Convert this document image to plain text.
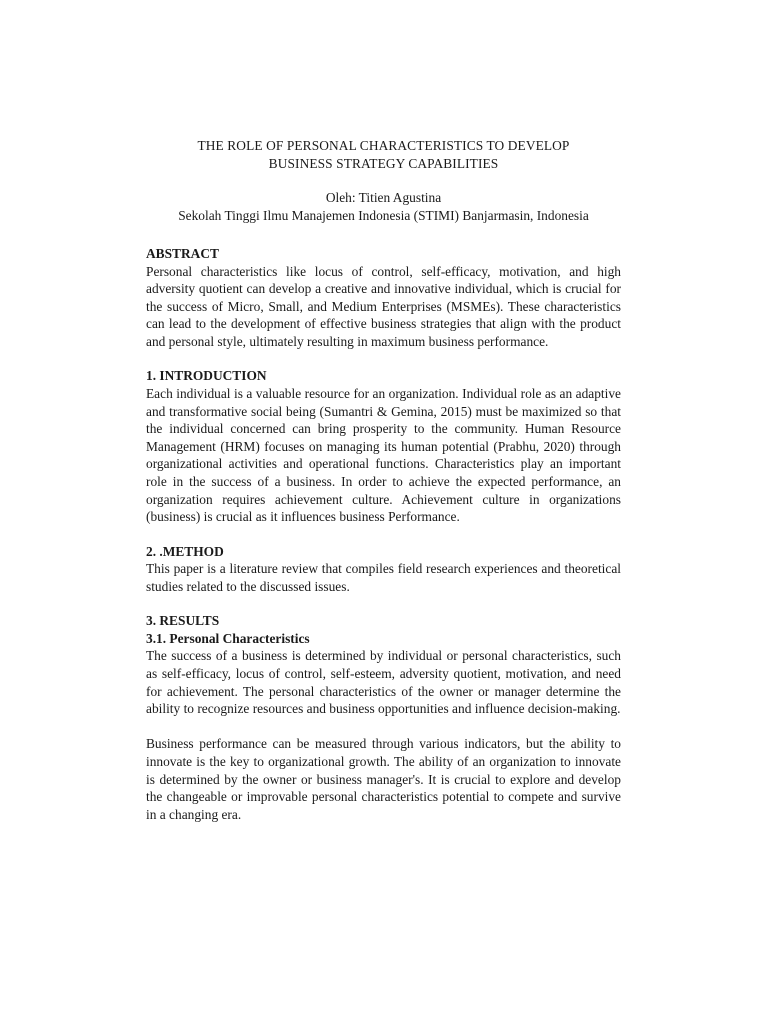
THE ROLE OF PERSONAL CHARACTERISTICS TO DEVELOP

BUSINESS STRATEGY CAPABILITIES

Oleh: Titien Agustina

Sekolah Tinggi Ilmu Manajemen Indonesia (STIMI) Banjarmasin, Indonesia

ABSTRACT

Personal characteristics like locus of control, self-efficacy, motivation, and high adversity quotient can develop a creative and innovative individual, which is crucial for the success of Micro, Small, and Medium Enterprises (MSMEs). These characteristics can lead to the development of effective business strategies that align with the product and personal style, ultimately resulting in maximum business performance.

1. INTRODUCTION

Each individual is a valuable resource for an organization. Individual role as an adaptive and transformative social being (Sumantri & Gemina, 2015) must be maximized so that the individual concerned can bring prosperity to the community. Human Resource Management (HRM) focuses on managing its human potential (Prabhu, 2020) through organizational activities and operational functions. Characteristics play an important role in the success of a business. In order to achieve the expected performance, an organization requires achievement culture. Achievement culture in organizations (business) is crucial as it influences business Performance.

2. .METHOD

This paper is a literature review that compiles field research experiences and theoretical studies related to the discussed issues.

3. RESULTS

3.1. Personal Characteristics

The success of a business is determined by individual or personal characteristics, such as self-efficacy, locus of control, self-esteem, adversity quotient, motivation, and need for achievement. The personal characteristics of the owner or manager determine the ability to recognize resources and business opportunities and influence decision-making.

Business performance can be measured through various indicators, but the ability to innovate is the key to organizational growth. The ability of an organization to innovate is determined by the owner or business manager's. It is crucial to explore and develop the changeable or improvable personal characteristics potential to compete and survive in a changing era.
